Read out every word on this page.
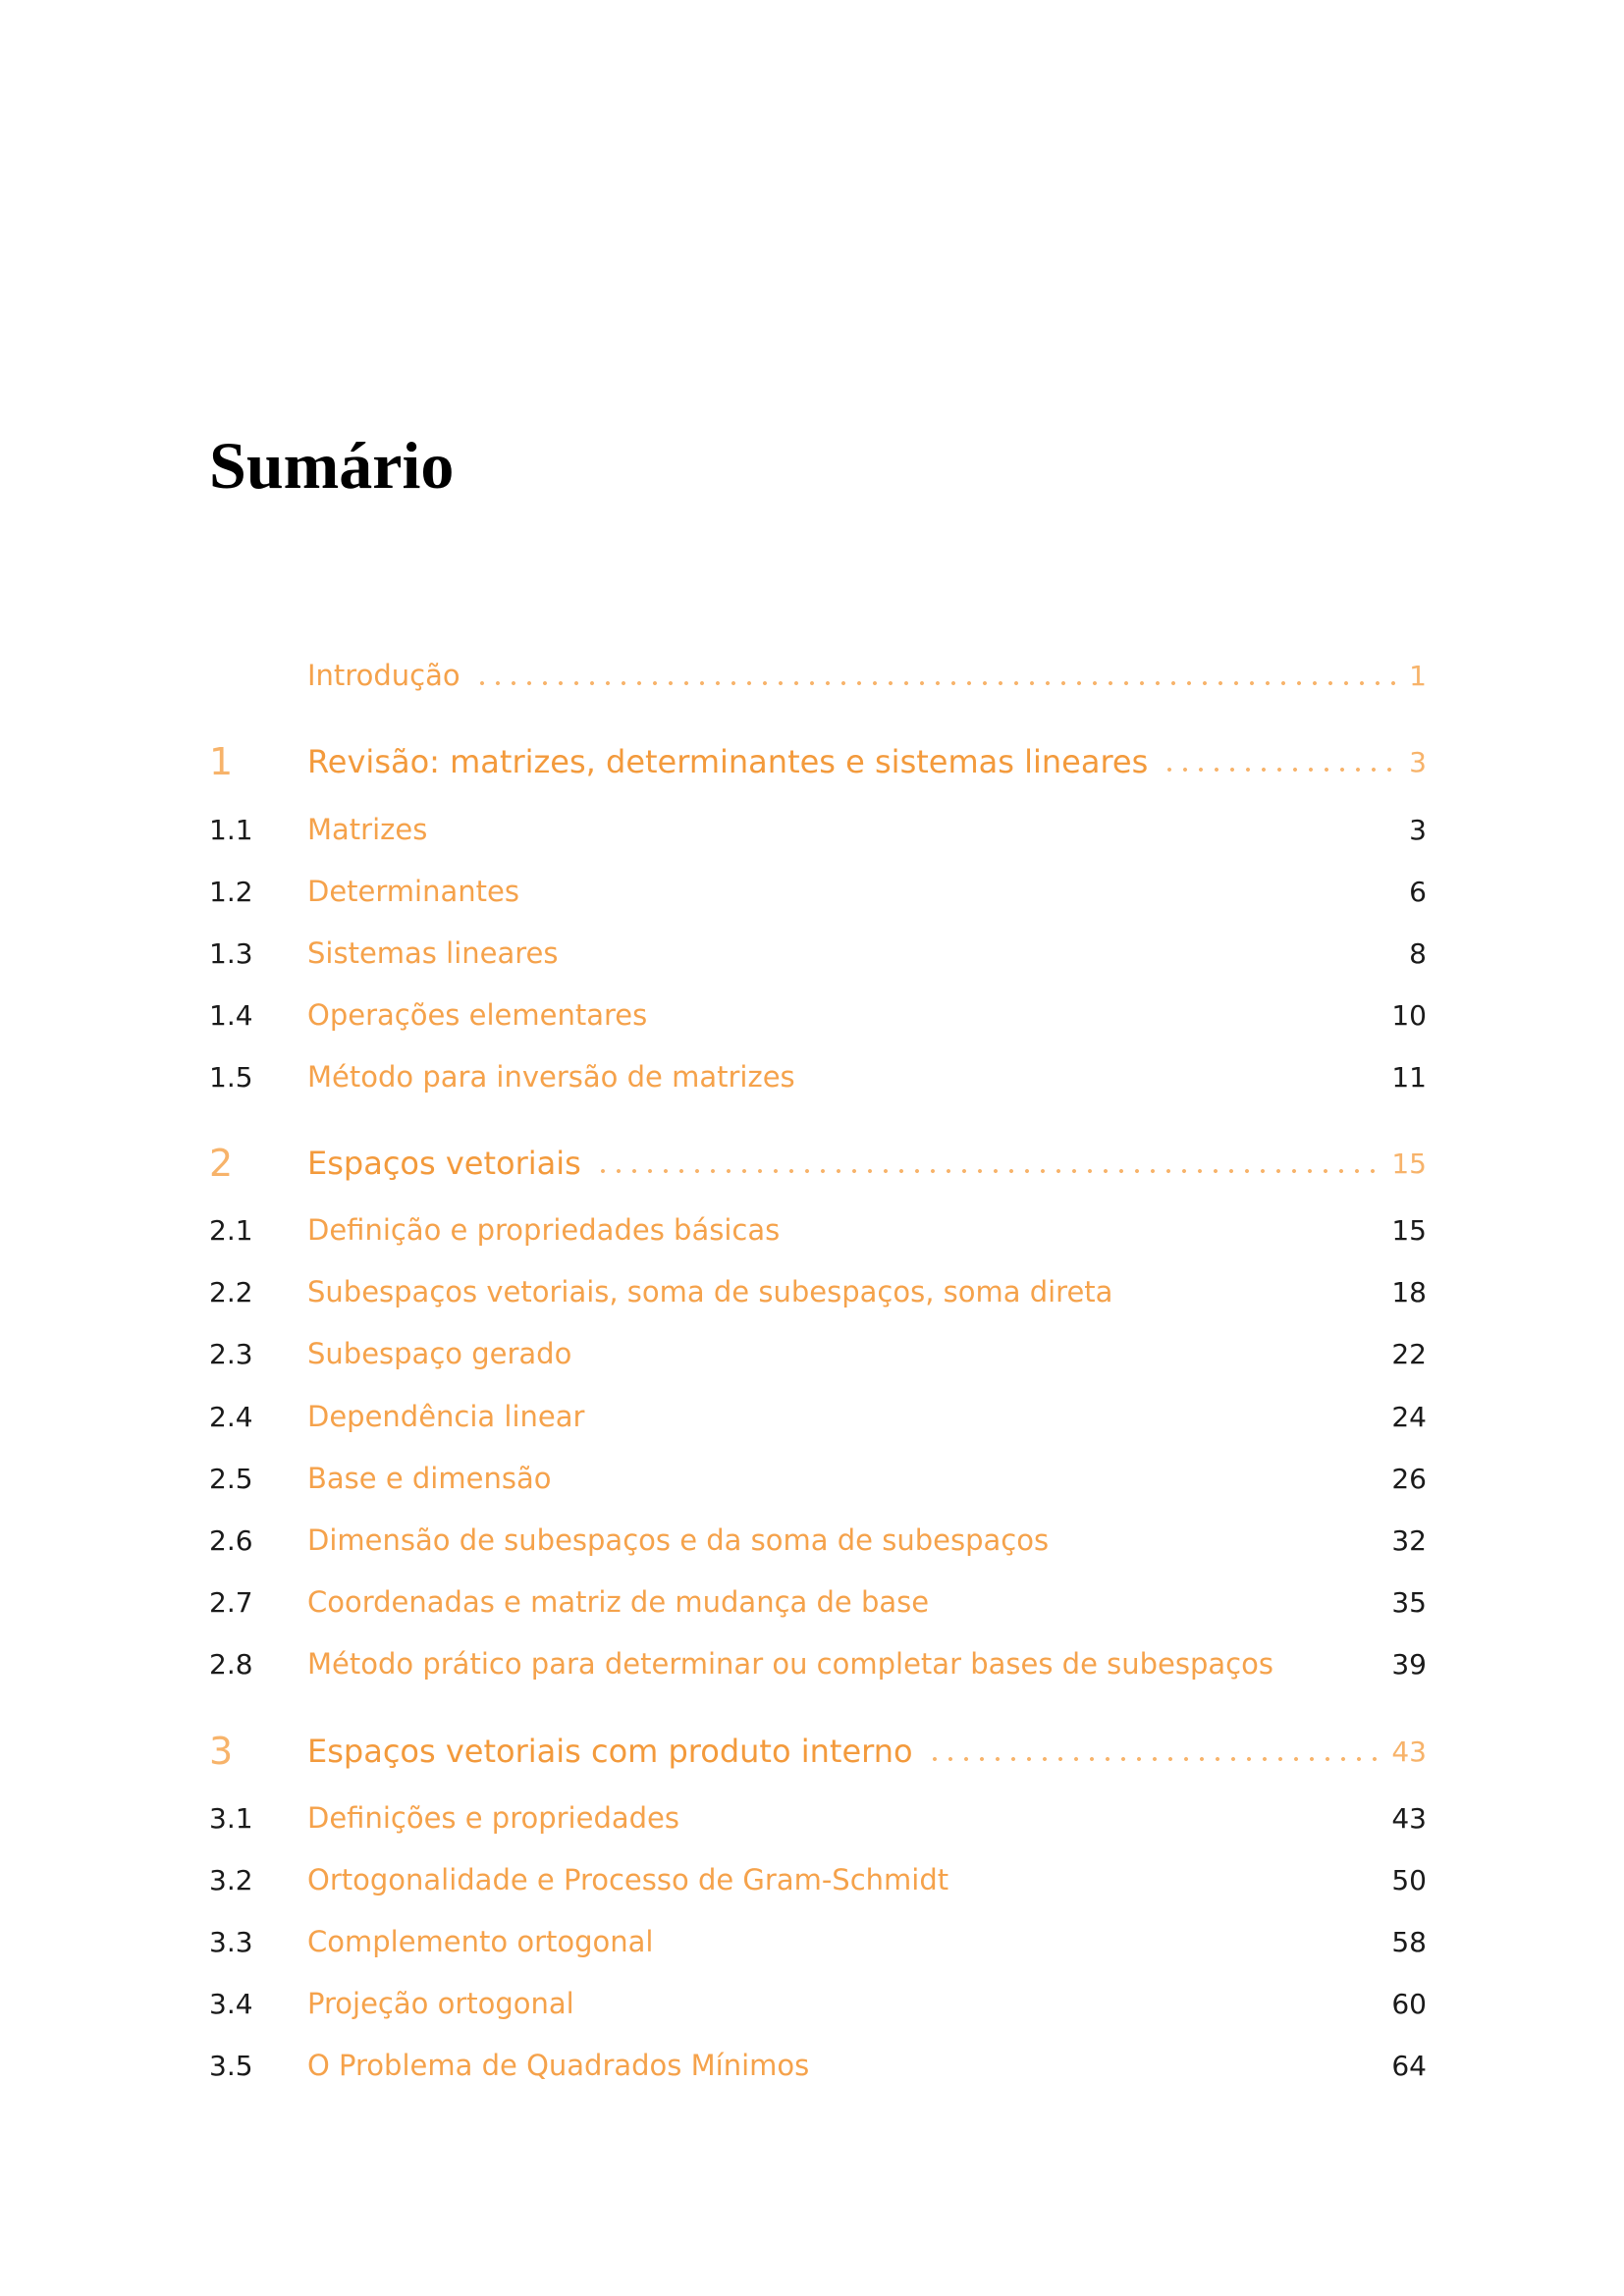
Sumário
Introdução	1
1	Revisão: matrizes, determinantes e sistemas lineares	3
1.1	Matrizes	3
1.2	Determinantes	6
1.3	Sistemas lineares	8
1.4	Operações elementares	10
1.5	Método para inversão de matrizes	11
2	Espaços vetoriais	15
2.1	Definição e propriedades básicas	15
2.2	Subespaços vetoriais, soma de subespaços, soma direta	18
2.3	Subespaço gerado	22
2.4	Dependência linear	24
2.5	Base e dimensão	26
2.6	Dimensão de subespaços e da soma de subespaços	32
2.7	Coordenadas e matriz de mudança de base	35
2.8	Método prático para determinar ou completar bases de subespaços	39
3	Espaços vetoriais com produto interno	43
3.1	Definições e propriedades	43
3.2	Ortogonalidade e Processo de Gram-Schmidt	50
3.3	Complemento ortogonal	58
3.4	Projeção ortogonal	60
3.5	O Problema de Quadrados Mínimos	64
